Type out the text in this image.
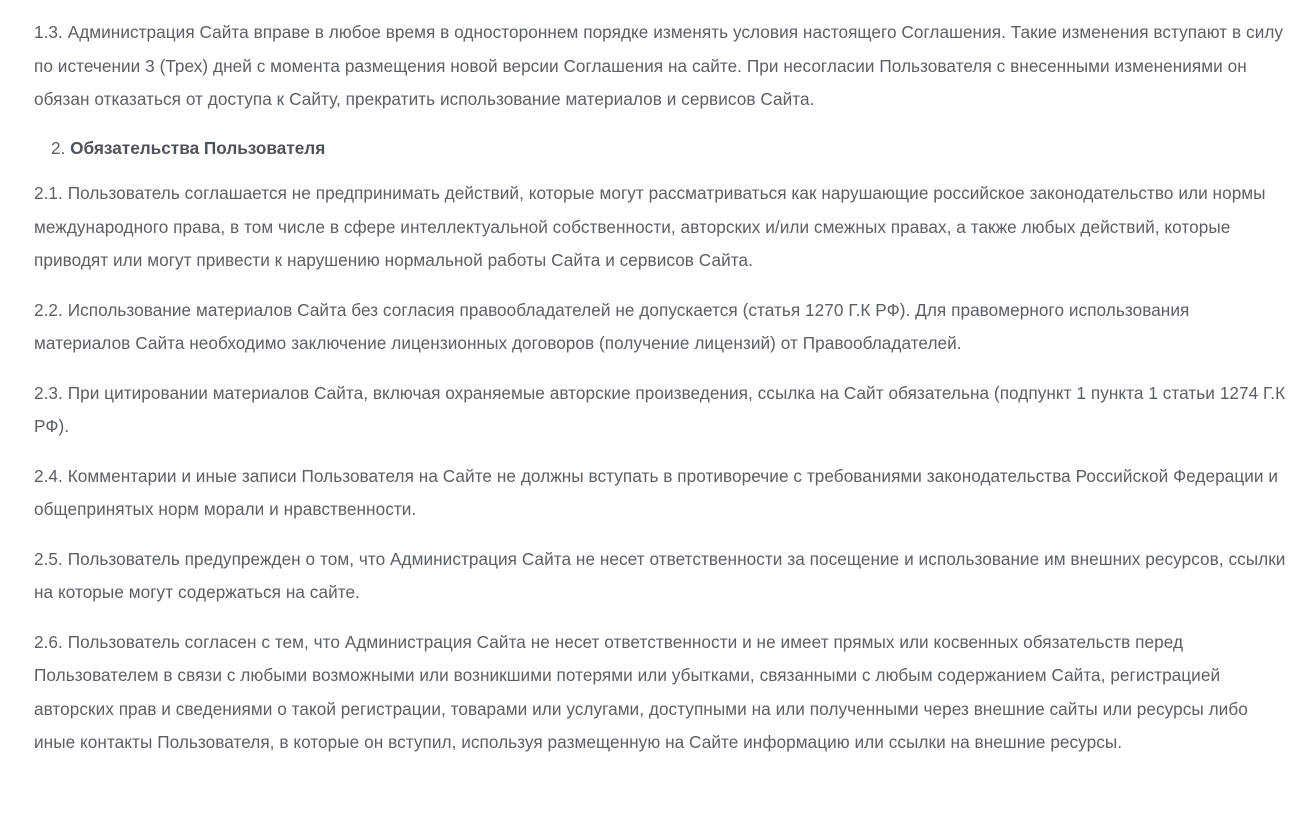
1.3. Администрация Сайта вправе в любое время в одностороннем порядке изменять условия настоящего Соглашения. Такие изменения вступают в силу по истечении 3 (Трех) дней с момента размещения новой версии Соглашения на сайте. При несогласии Пользователя с внесенными изменениями он обязан отказаться от доступа к Сайту, прекратить использование материалов и сервисов Сайта.

2. Обязательства Пользователя

2.1. Пользователь соглашается не предпринимать действий, которые могут рассматриваться как нарушающие российское законодательство или нормы международного права, в том числе в сфере интеллектуальной собственности, авторских и/или смежных правах, а также любых действий, которые приводят или могут привести к нарушению нормальной работы Сайта и сервисов Сайта.

2.2. Использование материалов Сайта без согласия правообладателей не допускается (статья 1270 Г.К РФ). Для правомерного использования материалов Сайта необходимо заключение лицензионных договоров (получение лицензий) от Правообладателей.

2.3. При цитировании материалов Сайта, включая охраняемые авторские произведения, ссылка на Сайт обязательна (подпункт 1 пункта 1 статьи 1274 Г.К РФ).

2.4. Комментарии и иные записи Пользователя на Сайте не должны вступать в противоречие с требованиями законодательства Российской Федерации и общепринятых норм морали и нравственности.

2.5. Пользователь предупрежден о том, что Администрация Сайта не несет ответственности за посещение и использование им внешних ресурсов, ссылки на которые могут содержаться на сайте.

2.6. Пользователь согласен с тем, что Администрация Сайта не несет ответственности и не имеет прямых или косвенных обязательств перед Пользователем в связи с любыми возможными или возникшими потерями или убытками, связанными с любым содержанием Сайта, регистрацией авторских прав и сведениями о такой регистрации, товарами или услугами, доступными на или полученными через внешние сайты или ресурсы либо иные контакты Пользователя, в которые он вступил, используя размещенную на Сайте информацию или ссылки на внешние ресурсы.
